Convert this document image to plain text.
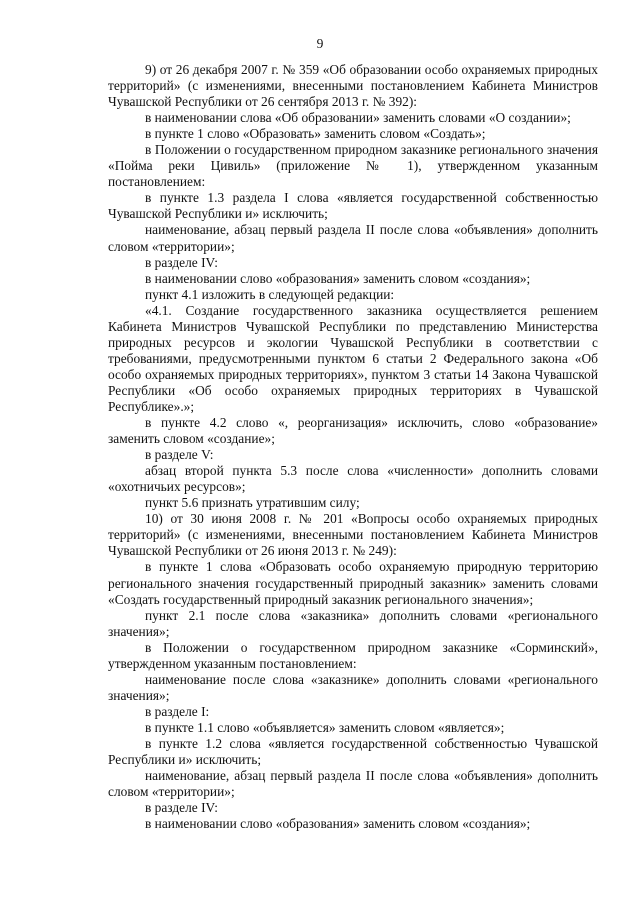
9

9) от 26 декабря 2007 г. № 359 «Об образовании особо охраняемых природных территорий» (с изменениями, внесенными постановлением Кабинета Министров Чувашской Республики от 26 сентября 2013 г. № 392):

в наименовании слова «Об образовании» заменить словами «О создании»;

в пункте 1 слово «Образовать» заменить словом «Создать»;

в Положении о государственном природном заказнике регионального значения «Пойма реки Цивиль» (приложение № 1), утвержденном указанным постановлением:

в пункте 1.3 раздела I слова «является государственной собственностью Чувашской Республики и» исключить;

наименование, абзац первый раздела II после слова «объявления» дополнить словом «территории»;

в разделе IV:

в наименовании слово «образования» заменить словом «создания»;

пункт 4.1 изложить в следующей редакции:

«4.1. Создание государственного заказника осуществляется решением Кабинета Министров Чувашской Республики по представлению Министерства природных ресурсов и экологии Чувашской Республики в соответствии с требованиями, предусмотренными пунктом 6 статьи 2 Федерального закона «Об особо охраняемых природных территориях», пунктом 3 статьи 14 Закона Чувашской Республики «Об особо охраняемых природных территориях в Чувашской Республике».»;

в пункте 4.2 слово «, реорганизация» исключить, слово «образование» заменить словом «создание»;

в разделе V:

абзац второй пункта 5.3 после слова «численности» дополнить словами «охотничьих ресурсов»;

пункт 5.6 признать утратившим силу;

10) от 30 июня 2008 г. № 201 «Вопросы особо охраняемых природных территорий» (с изменениями, внесенными постановлением Кабинета Министров Чувашской Республики от 26 июня 2013 г. № 249):

в пункте 1 слова «Образовать особо охраняемую природную территорию регионального значения государственный природный заказник» заменить словами «Создать государственный природный заказник регионального значения»;

пункт 2.1 после слова «заказника» дополнить словами «регионального значения»;

в Положении о государственном природном заказнике «Сорминский», утвержденном указанным постановлением:

наименование после слова «заказнике» дополнить словами «регионального значения»;

в разделе I:

в пункте 1.1 слово «объявляется» заменить словом «является»;

в пункте 1.2 слова «является государственной собственностью Чувашской Республики и» исключить;

наименование, абзац первый раздела II после слова «объявления» дополнить словом «территории»;

в разделе IV:

в наименовании слово «образования» заменить словом «создания»;
